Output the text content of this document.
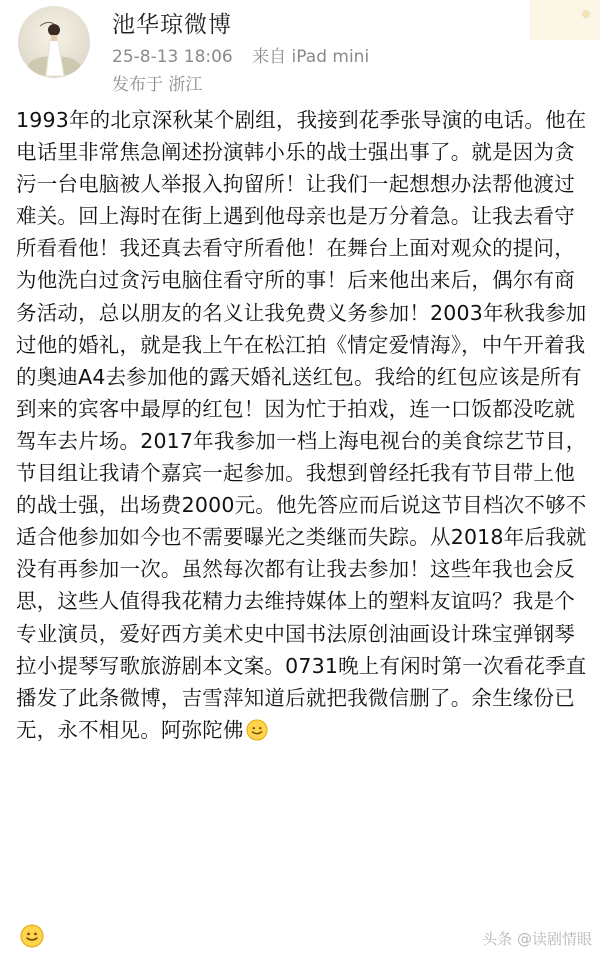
池华琼微博
25-8-13 18:06 来自 iPad mini
发布于 浙江
1993年的北京深秋某个剧组，我接到花季张导演的电话。他在电话里非常焦急阐述扮演韩小乐的战士强出事了。就是因为贪污一台电脑被人举报入拘留所！让我们一起想想办法帮他渡过难关。回上海时在街上遇到他母亲也是万分着急。让我去看守所看看他！我还真去看守所看他！在舞台上面对观众的提问，为他洗白过贪污电脑住看守所的事！后来他出来后，偶尔有商务活动，总以朋友的名义让我免费义务参加！2003年秋我参加过他的婚礼，就是我上午在松江拍《情定爱情海》，中午开着我的奥迪A4去参加他的露天婚礼送红包。我给的红包应该是所有到来的宾客中最厚的红包！因为忙于拍戏，连一口饭都没吃就驾车去片场。2017年我参加一档上海电视台的美食综艺节目，节目组让我请个嘉宾一起参加。我想到曾经托我有节目带上他的战士强，出场费2000元。他先答应而后说这节目档次不够不适合他参加如今也不需要曝光之类继而失踪。从2018年后我就没有再参加一次。虽然每次都有让我去参加！这些年我也会反思，这些人值得我花精力去维持媒体上的塑料友谊吗？我是个专业演员，爱好西方美术史中国书法原创油画设计珠宝弹钢琴拉小提琴写歌旅游剧本文案。0731晚上有闲时第一次看花季直播发了此条微博，吉雪萍知道后就把我微信删了。余生缘份已无，永不相见。阿弥陀佛
头条 @读剧情眼
